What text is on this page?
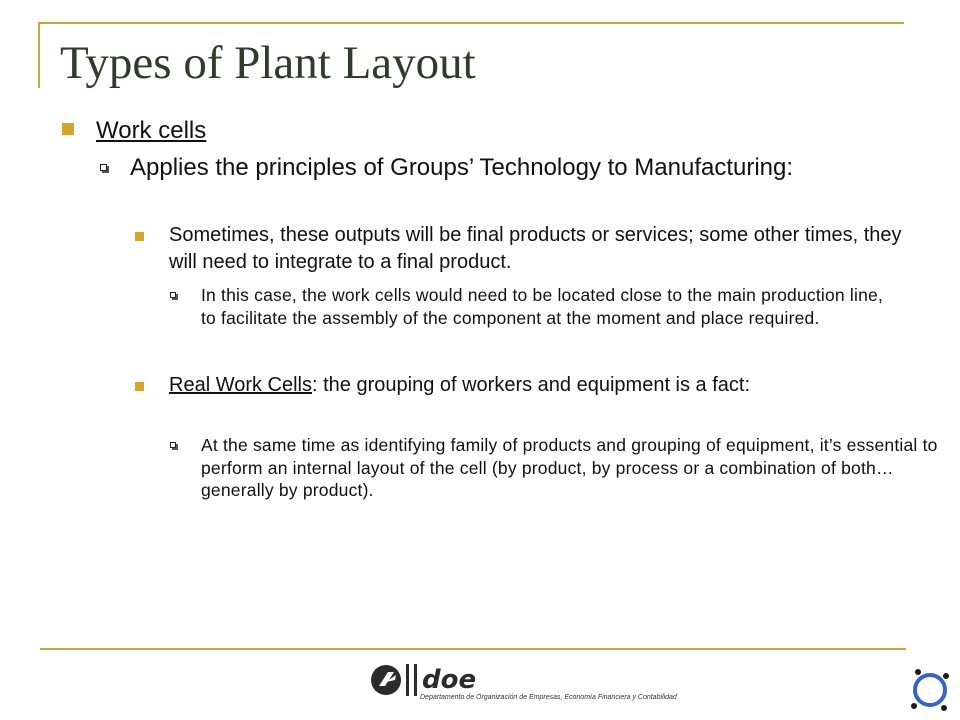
Types of Plant Layout
Work cells
Applies the principles of Groups’ Technology to Manufacturing:
Sometimes, these outputs will be final products or services; some other times, they will need to integrate to a final product.
In this case, the work cells would need to be located close to the main production line, to facilitate the assembly of the component at the moment and place required.
Real Work Cells: the grouping of workers and equipment is a fact:
At the same time as identifying family of products and grouping of equipment, it’s essential to perform an internal layout of the cell (by product, by process or a combination of both…generally by product).
doe
Departamento de Organización de Empresas, Economía Financiera y Contabilidad
